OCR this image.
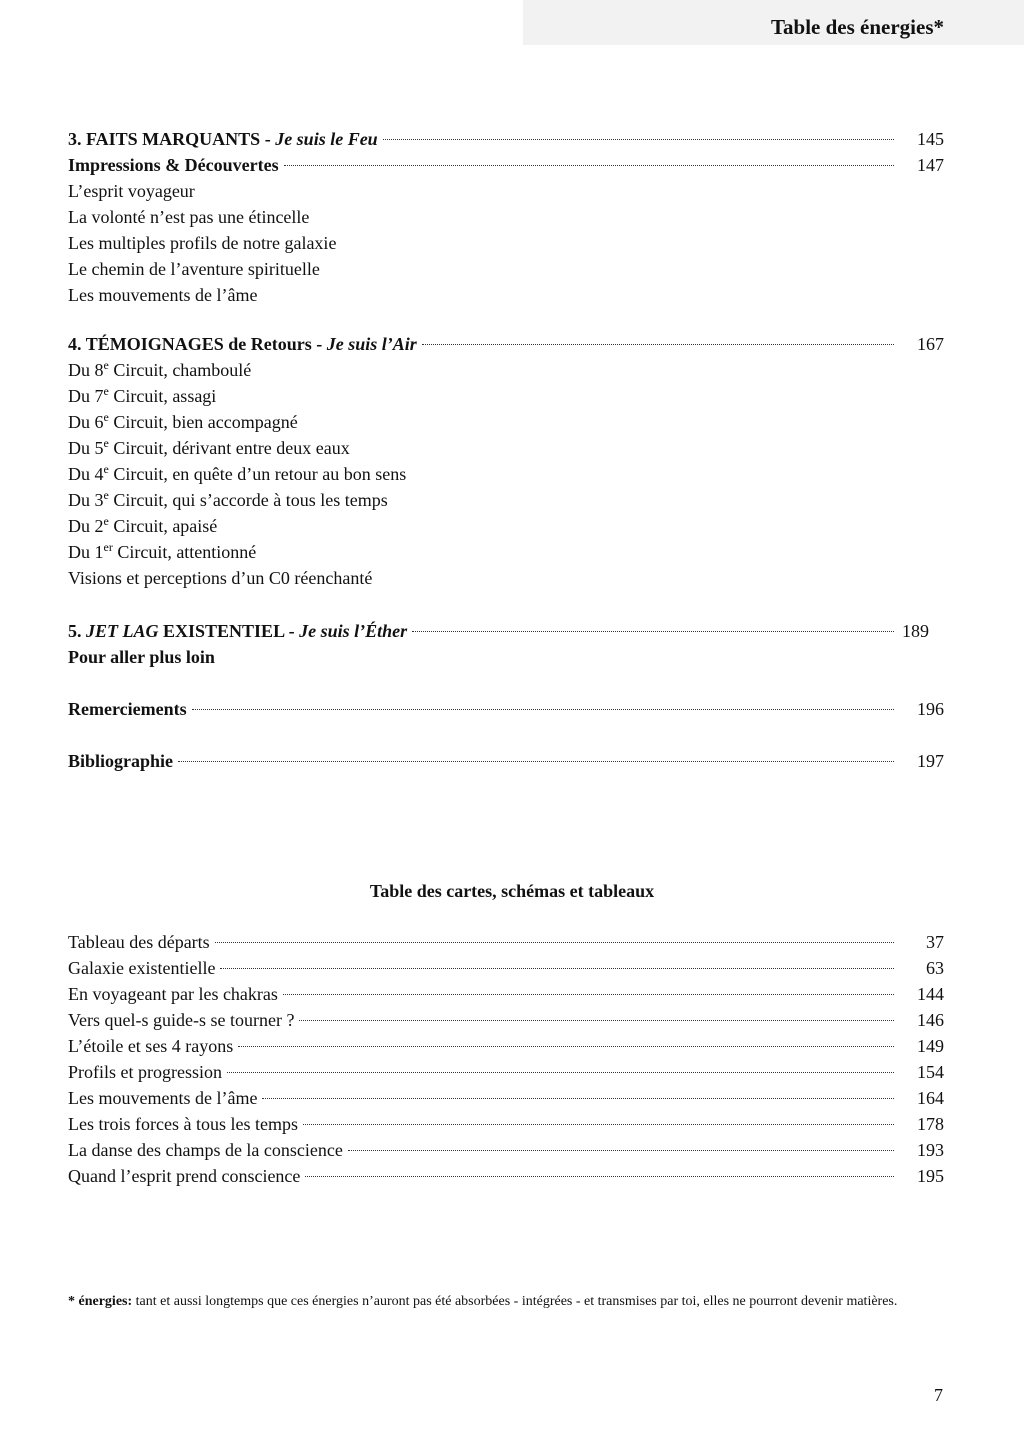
Table des énergies*
3. FAITS MARQUANTS - Je suis le Feu	145
Impressions & Découvertes	147
L’esprit voyageur
La volonté n’est pas une étincelle
Les multiples profils de notre galaxie
Le chemin de l’aventure spirituelle
Les mouvements de l’âme
4. TÉMOIGNAGES de Retours - Je suis l’Air	167
Du 8e Circuit, chamboulé
Du 7e Circuit, assagi
Du 6e Circuit, bien accompagné
Du 5e Circuit, dérivant entre deux eaux
Du 4e Circuit, en quête d’un retour au bon sens
Du 3e Circuit, qui s’accorde à tous les temps
Du 2e Circuit, apaisé
Du 1er Circuit, attentionné
Visions et perceptions d’un C0 réenchanté
5. JET LAG EXISTENTIEL - Je suis l’Éther	189
Pour aller plus loin
Remerciements	196
Bibliographie	197
Table des cartes, schémas et tableaux
Tableau des départs	37
Galaxie existentielle	63
En voyageant par les chakras	144
Vers quel-s guide-s se tourner ?	146
L’étoile et ses 4 rayons	149
Profils et progression	154
Les mouvements de l’âme	164
Les trois forces à tous les temps	178
La danse des champs de la conscience	193
Quand l’esprit prend conscience	195
* énergies: tant et aussi longtemps que ces énergies n’auront pas été absorbées - intégrées - et transmises par toi, elles ne pourront devenir matières.
7
